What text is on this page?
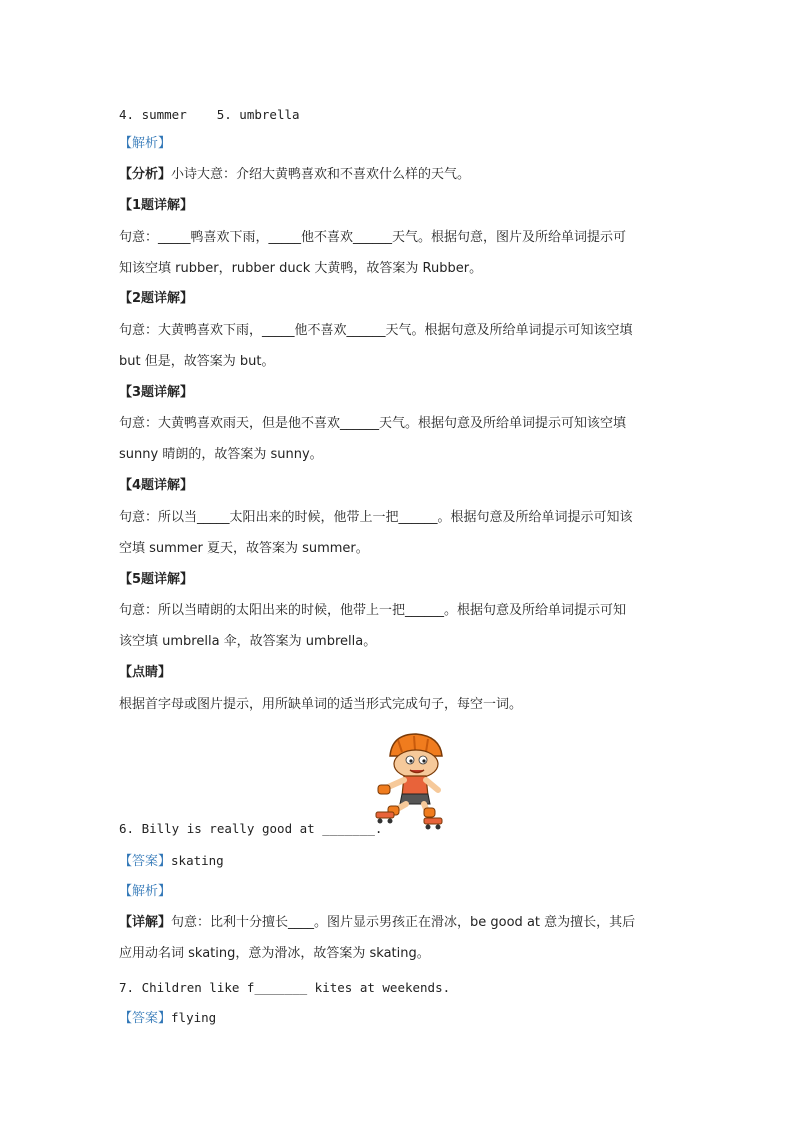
4. summer 5. umbrella
【解析】
【分析】小诗大意：介绍大黄鸭喜欢和不喜欢什么样的天气。
【1题详解】
句意：_____鸭喜欢下雨，_____他不喜欢______天气。根据句意，图片及所给单词提示可
知该空填 rubber，rubber duck 大黄鸭，故答案为 Rubber。
【2题详解】
句意：大黄鸭喜欢下雨，_____他不喜欢______天气。根据句意及所给单词提示可知该空填
but 但是，故答案为 but。
【3题详解】
句意：大黄鸭喜欢雨天，但是他不喜欢______天气。根据句意及所给单词提示可知该空填
sunny 晴朗的，故答案为 sunny。
【4题详解】
句意：所以当_____太阳出来的时候，他带上一把______。根据句意及所给单词提示可知该
空填 summer 夏天，故答案为 summer。
【5题详解】
句意：所以当晴朗的太阳出来的时候，他带上一把______。根据句意及所给单词提示可知
该空填 umbrella 伞，故答案为 umbrella。
【点睛】
根据首字母或图片提示，用所缺单词的适当形式完成句子，每空一词。
6. Billy is really good at _______.
【答案】skating
【解析】
【详解】句意：比利十分擅长____。图片显示男孩正在滑冰，be good at 意为擅长，其后
应用动名词 skating，意为滑冰，故答案为 skating。
7. Children like f_______ kites at weekends.
【答案】flying
